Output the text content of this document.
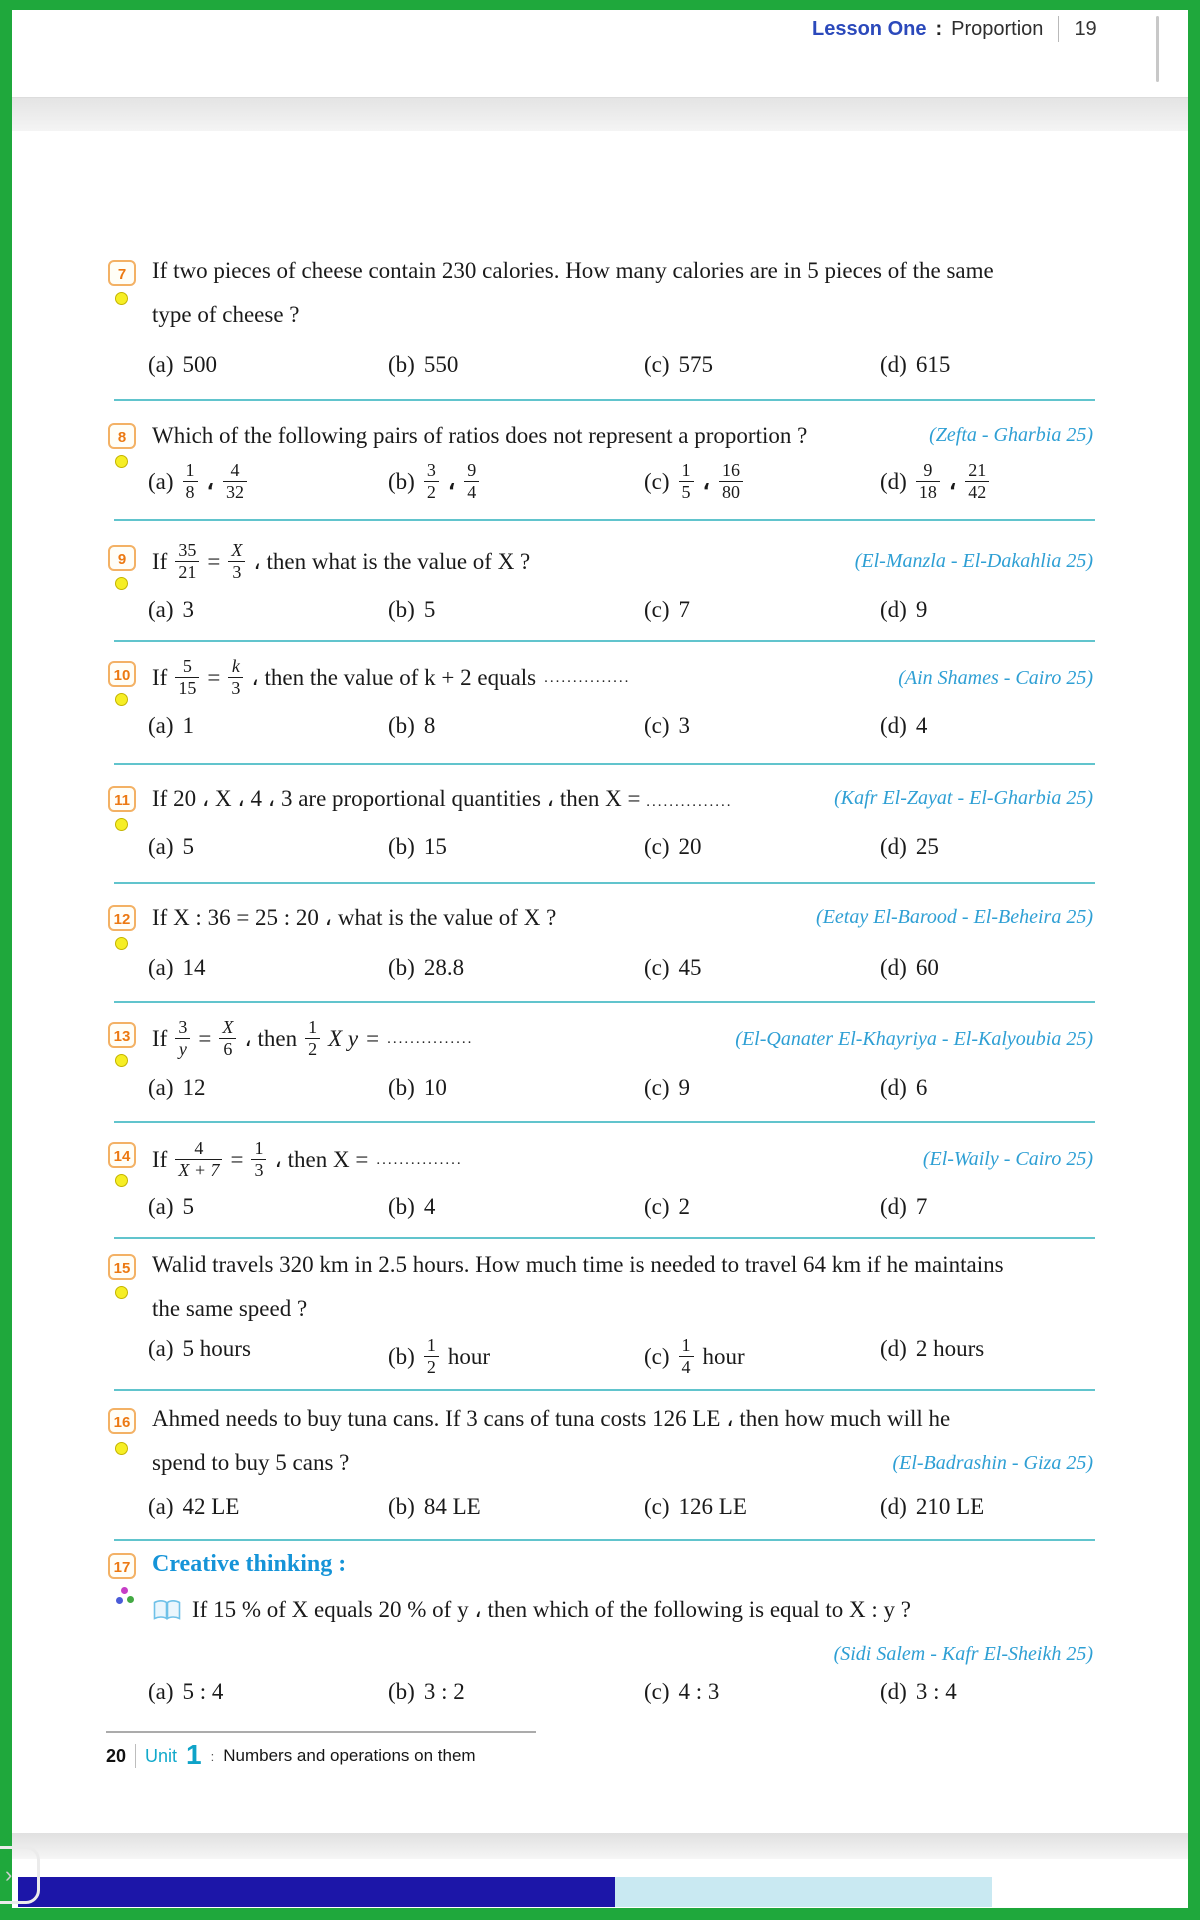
Lesson One : Proportion 19
7	If two pieces of cheese contain 230 calories. How many calories are in 5 pieces of the same
type of cheese ?
(a) 500	(b) 550	(c) 575	(d) 615
8	Which of the following pairs of ratios does not represent a proportion ?	(Zefta - Gharbia 25)
$(a) \frac{1}{8}$ ، $\frac{4}{32}$	$(b) \frac{3}{2}$ ، $\frac{9}{4}$	$(c) \frac{1}{5}$ ، $\frac{16}{80}$	$(d) \frac{9}{18}$ ، $\frac{21}{42}$
9	If $\frac{35}{21} = \frac{X}{3}$ ، then what is the value of X ?	(El-Manzla - El-Dakahlia 25)
(a) 3	(b) 5	(c) 7	(d) 9
10 If $\frac{5}{15} = \frac{k}{3}$ ، then the value of k + 2 equals ...............	(Ain Shames - Cairo 25)
(a) 1	(b) 8	(c) 3	(d) 4
11 If 20 ، X ، 4 ، 3 are proportional quantities ، then X = ...............	(Kafr El-Zayat - El-Gharbia 25)
(a) 5	(b) 15	(c) 20	(d) 25
12 If X : 36 = 25 : 20 ، what is the value of X ?	(Eetay El-Barood - El-Beheira 25)
(a) 14	(b) 28.8	(c) 45	(d) 60
13 If $\frac{3}{y} = \frac{X}{6}$ ، then $\frac{1}{2}$ X y = ...............	(El-Qanater El-Khayriya - El-Kalyoubia 25)
(a) 12	(b) 10	(c) 9	(d) 6
14 If $\frac{4}{X + 7} = \frac{1}{3}$ ، then X = ...............	(El-Waily - Cairo 25)
(a) 5	(b) 4	(c) 2	(d) 7
15 Walid travels 320 km in 2.5 hours. How much time is needed to travel 64 km if he maintains
the same speed ?
(a) 5 hours	$(b) \frac{1}{2}$ hour	$(c) \frac{1}{4}$ hour	(d) 2 hours
16 Ahmed needs to buy tuna cans. If 3 cans of tuna costs 126 LE ، then how much will he
spend to buy 5 cans ?	(El-Badrashin - Giza 25)
(a) 42 LE	(b) 84 LE	(c) 126 LE	(d) 210 LE
17 Creative thinking :
If 15 % of X equals 20 % of y ، then which of the following is equal to X : y ?
(Sidi Salem - Kafr El-Sheikh 25)
(a) 5 : 4	(b) 3 : 2	(c) 4 : 3	(d) 3 : 4
20 Unit 1 : Numbers and operations on them
›
